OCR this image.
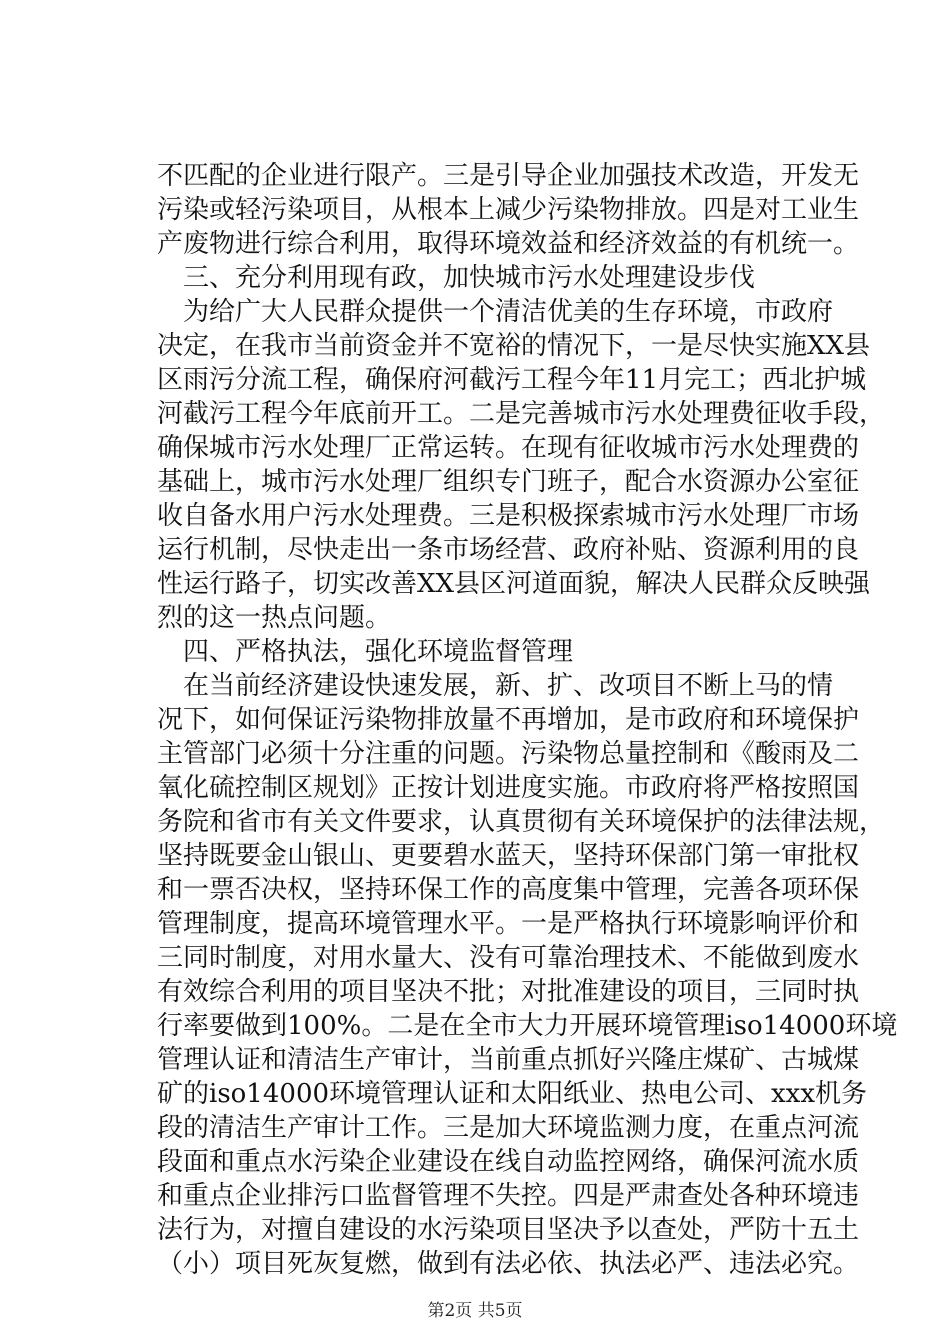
不匹配的企业进行限产。三是引导企业加强技术改造，开发无
污染或轻污染项目，从根本上减少污染物排放。四是对工业生
产废物进行综合利用，取得环境效益和经济效益的有机统一。
三、充分利用现有政，加快城市污水处理建设步伐
为给广大人民群众提供一个清洁优美的生存环境，市政府
决定，在我市当前资金并不宽裕的情况下，一是尽快实施XX县
区雨污分流工程，确保府河截污工程今年11月完工；西北护城
河截污工程今年底前开工。二是完善城市污水处理费征收手段，
确保城市污水处理厂正常运转。在现有征收城市污水处理费的
基础上，城市污水处理厂组织专门班子，配合水资源办公室征
收自备水用户污水处理费。三是积极探索城市污水处理厂市场
运行机制，尽快走出一条市场经营、政府补贴、资源利用的良
性运行路子，切实改善XX县区河道面貌，解决人民群众反映强
烈的这一热点问题。
四、严格执法，强化环境监督管理
在当前经济建设快速发展，新、扩、改项目不断上马的情
况下，如何保证污染物排放量不再增加，是市政府和环境保护
主管部门必须十分注重的问题。污染物总量控制和《酸雨及二
氧化硫控制区规划》正按计划进度实施。市政府将严格按照国
务院和省市有关文件要求，认真贯彻有关环境保护的法律法规，
坚持既要金山银山、更要碧水蓝天，坚持环保部门第一审批权
和一票否决权，坚持环保工作的高度集中管理，完善各项环保
管理制度，提高环境管理水平。一是严格执行环境影响评价和
三同时制度，对用水量大、没有可靠治理技术、不能做到废水
有效综合利用的项目坚决不批；对批准建设的项目，三同时执
行率要做到100%。二是在全市大力开展环境管理iso14000环境
管理认证和清洁生产审计，当前重点抓好兴隆庄煤矿、古城煤
矿的iso14000环境管理认证和太阳纸业、热电公司、xxx机务
段的清洁生产审计工作。三是加大环境监测力度，在重点河流
段面和重点水污染企业建设在线自动监控网络，确保河流水质
和重点企业排污口监督管理不失控。四是严肃查处各种环境违
法行为，对擅自建设的水污染项目坚决予以查处，严防十五土
（小）项目死灰复燃，做到有法必依、执法必严、违法必究。
第2页 共5页
